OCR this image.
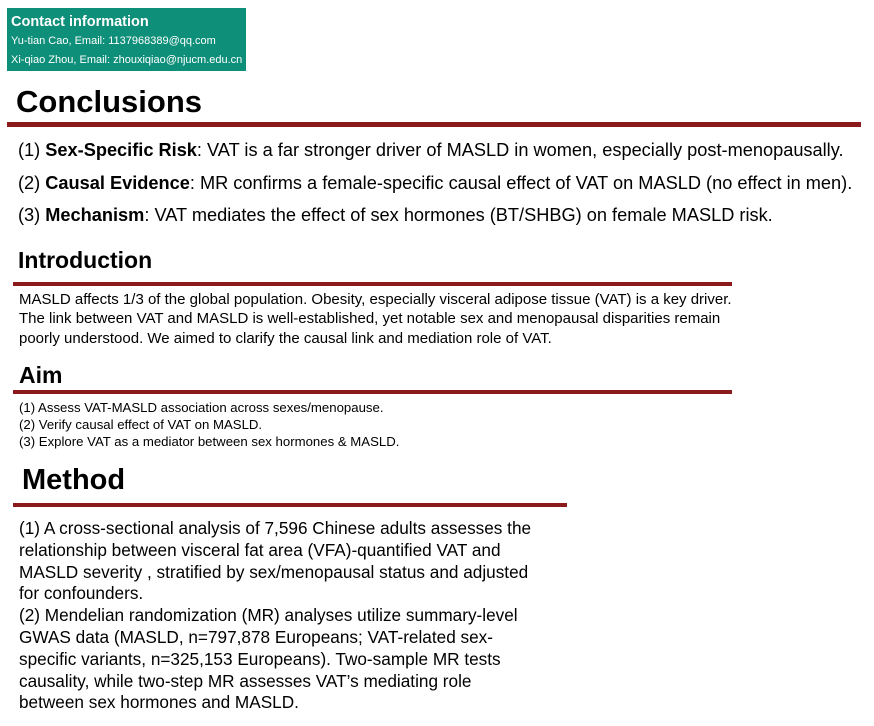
Contact information
Yu-tian Cao, Email: 1137968389@qq.com
Xi-qiao Zhou, Email: zhouxiqiao@njucm.edu.cn
Conclusions
(1) Sex-Specific Risk: VAT is a far stronger driver of MASLD in women, especially post-menopausally.
(2) Causal Evidence: MR confirms a female-specific causal effect of VAT on MASLD (no effect in men).
(3) Mechanism: VAT mediates the effect of sex hormones (BT/SHBG) on female MASLD risk.
Introduction
MASLD affects 1/3 of the global population. Obesity, especially visceral adipose tissue (VAT) is a key driver. The link between VAT and MASLD is well-established, yet notable sex and menopausal disparities remain poorly understood. We aimed to clarify the causal link and mediation role of VAT.
Aim
(1) Assess VAT-MASLD association across sexes/menopause.
(2) Verify causal effect of VAT on MASLD.
(3) Explore VAT as a mediator between sex hormones & MASLD.
Method
(1) A cross-sectional analysis of 7,596 Chinese adults assesses the
relationship between visceral fat area (VFA)-quantified VAT and
MASLD severity , stratified by sex/menopausal status and adjusted
for confounders.
(2) Mendelian randomization (MR) analyses utilize summary-level
GWAS data (MASLD, n=797,878 Europeans; VAT-related sex-
specific variants, n=325,153 Europeans). Two-sample MR tests
causality, while two-step MR assesses VAT’s mediating role
between sex hormones and MASLD.
